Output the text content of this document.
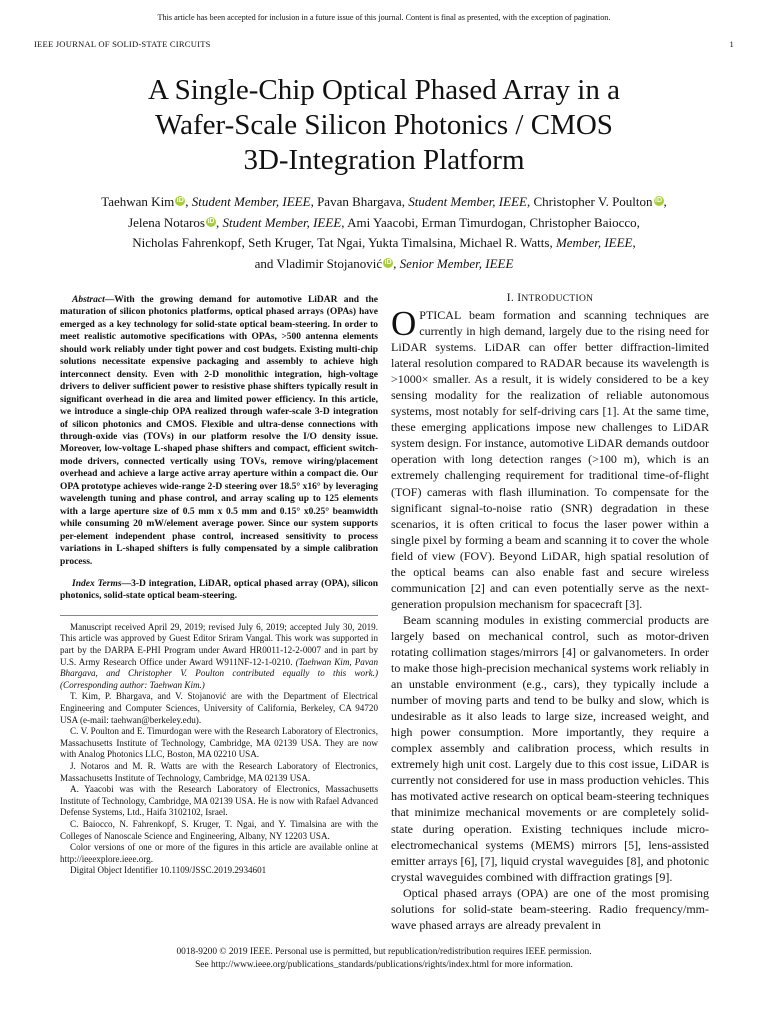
This article has been accepted for inclusion in a future issue of this journal. Content is final as presented, with the exception of pagination.
IEEE JOURNAL OF SOLID-STATE CIRCUITS	1
A Single-Chip Optical Phased Array in a
Wafer-Scale Silicon Photonics / CMOS
3D-Integration Platform
Taehwan Kim iD , Student Member, IEEE, Pavan Bhargava, Student Member, IEEE, Christopher V. Poulton iD ,
Jelena Notaros iD , Student Member, IEEE, Ami Yaacobi, Erman Timurdogan, Christopher Baiocco,
Nicholas Fahrenkopf, Seth Kruger, Tat Ngai, Yukta Timalsina, Michael R. Watts, Member, IEEE,
and Vladimir Stojanović iD , Senior Member, IEEE

Abstract—With the growing demand for automotive LiDAR and the maturation of silicon photonics platforms, optical phased arrays (OPAs) have emerged as a key technology for solid-state optical beam-steering. In order to meet realistic automotive specifications with OPAs, >500 antenna elements should work reliably under tight power and cost budgets. Existing multi-chip solutions necessitate expensive packaging and assembly to achieve high interconnect density. Even with 2-D monolithic integration, high-voltage drivers to deliver sufficient power to resistive phase shifters typically result in significant overhead in die area and limited power efficiency. In this article, we introduce a single-chip OPA realized through wafer-scale 3-D integration of silicon photonics and CMOS. Flexible and ultra-dense connections with through-oxide vias (TOVs) in our platform resolve the I/O density issue. Moreover, low-voltage L-shaped phase shifters and compact, efficient switch-mode drivers, connected vertically using TOVs, remove wiring/placement overhead and achieve a large active array aperture within a compact die. Our OPA prototype achieves wide-range 2-D steering over 18.5° x16° by leveraging wavelength tuning and phase control, and array scaling up to 125 elements with a large aperture size of 0.5 mm x 0.5 mm and 0.15° x0.25° beamwidth while consuming 20 mW/element average power. Since our system supports per-element independent phase control, increased sensitivity to process variations in L-shaped shifters is fully compensated by a simple calibration process.

Index Terms—3-D integration, LiDAR, optical phased array (OPA), silicon photonics, solid-state optical beam-steering.

Manuscript received April 29, 2019; revised July 6, 2019; accepted July 30, 2019. This article was approved by Guest Editor Sriram Vangal. This work was supported in part by the DARPA E-PHI Program under Award HR0011-12-2-0007 and in part by U.S. Army Research Office under Award W911NF-12-1-0210. (Taehwan Kim, Pavan Bhargava, and Christopher V. Poulton contributed equally to this work.) (Corresponding author: Taehwan Kim.)

T. Kim, P. Bhargava, and V. Stojanović are with the Department of Electrical Engineering and Computer Sciences, University of California, Berkeley, CA 94720 USA (e-mail: taehwan@berkeley.edu).

C. V. Poulton and E. Timurdogan were with the Research Laboratory of Electronics, Massachusetts Institute of Technology, Cambridge, MA 02139 USA. They are now with Analog Photonics LLC, Boston, MA 02210 USA.

J. Notaros and M. R. Watts are with the Research Laboratory of Electronics, Massachusetts Institute of Technology, Cambridge, MA 02139 USA.

A. Yaacobi was with the Research Laboratory of Electronics, Massachusetts Institute of Technology, Cambridge, MA 02139 USA. He is now with Rafael Advanced Defense Systems, Ltd., Haifa 3102102, Israel.

C. Baiocco, N. Fahrenkopf, S. Kruger, T. Ngai, and Y. Timalsina are with the Colleges of Nanoscale Science and Engineering, Albany, NY 12203 USA.

Color versions of one or more of the figures in this article are available online at http://ieeexplore.ieee.org.

Digital Object Identifier 10.1109/JSSC.2019.2934601

I. INTRODUCTION

OPTICAL beam formation and scanning techniques are currently in high demand, largely due to the rising need for LiDAR systems. LiDAR can offer better diffraction-limited lateral resolution compared to RADAR because its wavelength is >1000× smaller. As a result, it is widely considered to be a key sensing modality for the realization of reliable autonomous systems, most notably for self-driving cars [1]. At the same time, these emerging applications impose new challenges to LiDAR system design. For instance, automotive LiDAR demands outdoor operation with long detection ranges (>100 m), which is an extremely challenging requirement for traditional time-of-flight (TOF) cameras with flash illumination. To compensate for the significant signal-to-noise ratio (SNR) degradation in these scenarios, it is often critical to focus the laser power within a single pixel by forming a beam and scanning it to cover the whole field of view (FOV). Beyond LiDAR, high spatial resolution of the optical beams can also enable fast and secure wireless communication [2] and can even potentially serve as the next-generation propulsion mechanism for spacecraft [3].

Beam scanning modules in existing commercial products are largely based on mechanical control, such as motor-driven rotating collimation stages/mirrors [4] or galvanometers. In order to make those high-precision mechanical systems work reliably in an unstable environment (e.g., cars), they typically include a number of moving parts and tend to be bulky and slow, which is undesirable as it also leads to large size, increased weight, and high power consumption. More importantly, they require a complex assembly and calibration process, which results in extremely high unit cost. Largely due to this cost issue, LiDAR is currently not considered for use in mass production vehicles. This has motivated active research on optical beam-steering techniques that minimize mechanical movements or are completely solid-state during operation. Existing techniques include micro-electromechanical systems (MEMS) mirrors [5], lens-assisted emitter arrays [6], [7], liquid crystal waveguides [8], and photonic crystal waveguides combined with diffraction gratings [9].

Optical phased arrays (OPA) are one of the most promising solutions for solid-state beam-steering. Radio frequency/mm-wave phased arrays are already prevalent in

0018-9200 © 2019 IEEE. Personal use is permitted, but republication/redistribution requires IEEE permission.
See http://www.ieee.org/publications_standards/publications/rights/index.html for more information.
